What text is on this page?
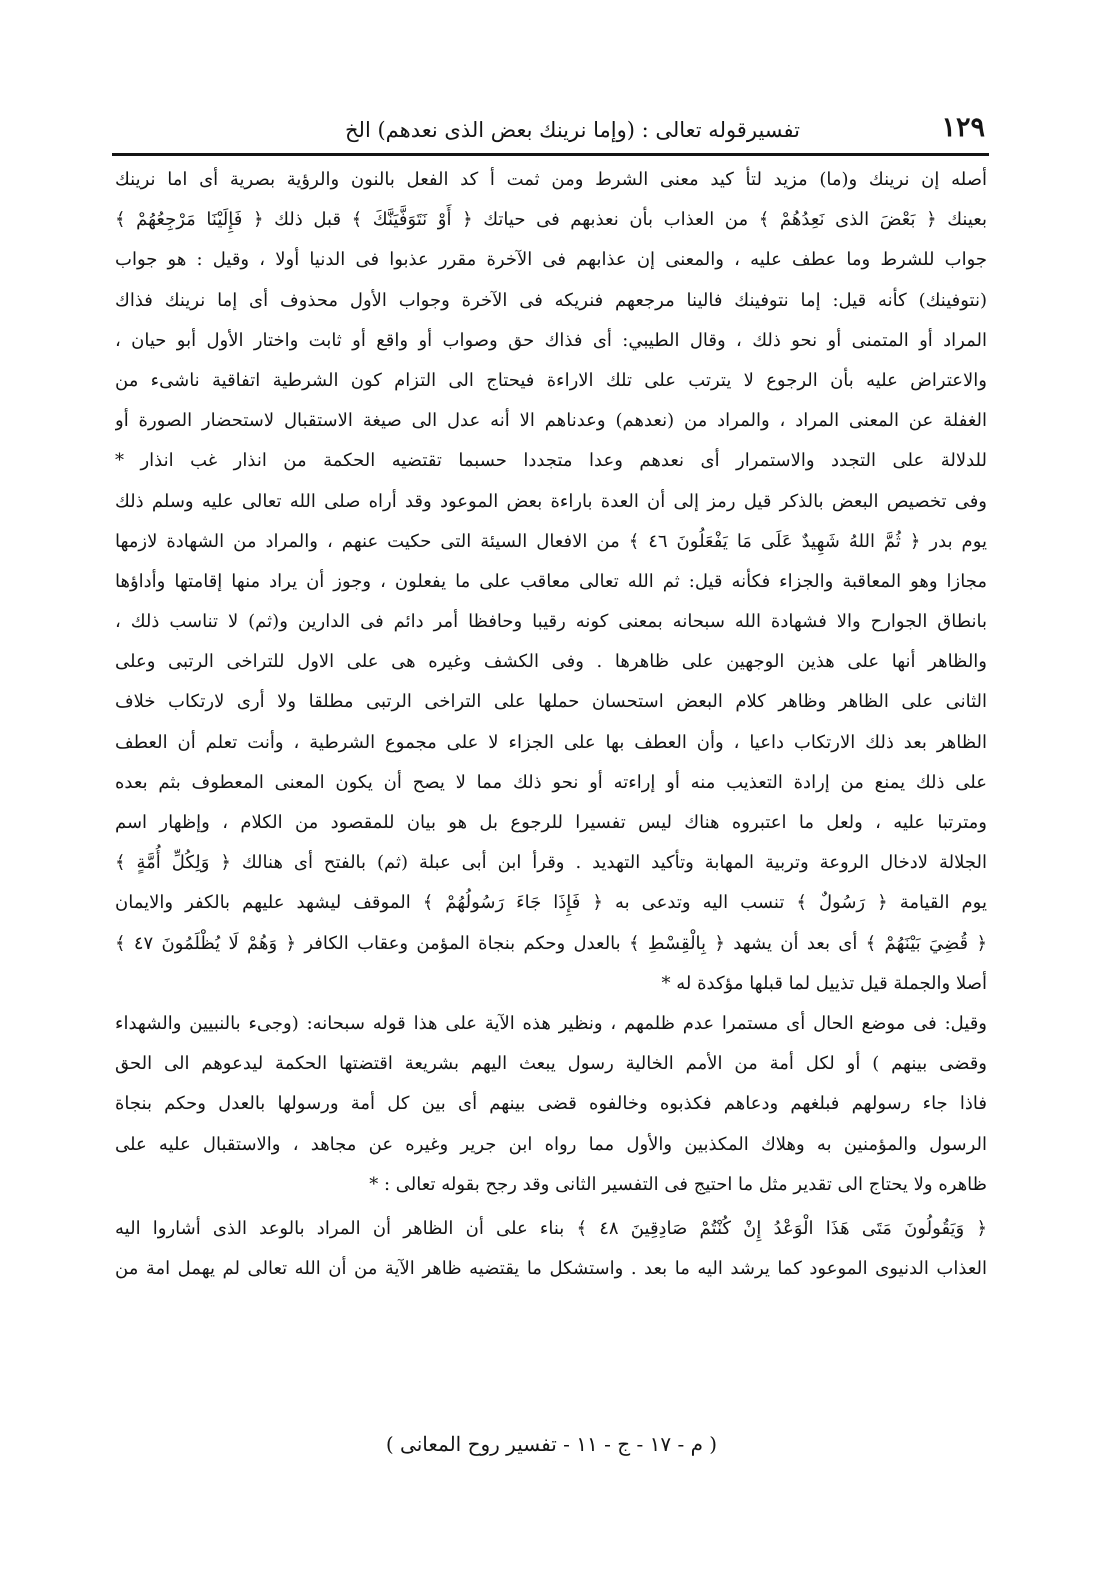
١٢٩
تفسيرقوله تعالى : (وإما نرينك بعض الذى نعدهم) الخ
أصله إن نرينك و(ما) مزيد لتأ كيد معنى الشرط ومن ثمت أ كد الفعل بالنون والرؤية بصرية أى اما نرينك
بعينك ﴿ بَعْضَ الذى نَعِدُهُمْ ﴾ من العذاب بأن نعذبهم فى حياتك ﴿ أَوْ نَتَوَفَّيَنَّكَ ﴾ قبل ذلك ﴿ فَإِلَيْنَا مَرْجِعُهُمْ ﴾
جواب للشرط وما عطف عليه ، والمعنى إن عذابهم فى الآخرة مقرر عذبوا فى الدنيا أولا ، وقيل : هو جواب
(نتوفينك) كأنه قيل: إما نتوفينك فالينا مرجعهم فنريكه فى الآخرة وجواب الأول محذوف أى إما نرينك فذاك
المراد أو المتمنى أو نحو ذلك ، وقال الطيبي: أى فذاك حق وصواب أو واقع أو ثابت واختار الأول أبو حيان ،
والاعتراض عليه بأن الرجوع لا يترتب على تلك الاراءة فيحتاج الى التزام كون الشرطية اتفاقية ناشىء من
الغفلة عن المعنى المراد ، والمراد من (نعدهم) وعدناهم الا أنه عدل الى صيغة الاستقبال لاستحضار الصورة أو
للدلالة على التجدد والاستمرار أى نعدهم وعدا متجددا حسبما تقتضيه الحكمة من انذار غب انذار *
وفى تخصيص البعض بالذكر قيل رمز إلى أن العدة باراءة بعض الموعود وقد أراه صلى الله تعالى عليه وسلم ذلك
يوم بدر ﴿ ثُمَّ اللهُ شَهِيدٌ عَلَى مَا يَفْعَلُونَ ٤٦ ﴾ من الافعال السيئة التى حكيت عنهم ، والمراد من الشهادة لازمها
مجازا وهو المعاقبة والجزاء فكأنه قيل: ثم الله تعالى معاقب على ما يفعلون ، وجوز أن يراد منها إقامتها وأداؤها
بانطاق الجوارح والا فشهادة الله سبحانه بمعنى كونه رقيبا وحافظا أمر دائم فى الدارين و(ثم) لا تناسب ذلك ،
والظاهر أنها على هذين الوجهين على ظاهرها . وفى الكشف وغيره هى على الاول للتراخى الرتبى وعلى
الثانى على الظاهر وظاهر كلام البعض استحسان حملها على التراخى الرتبى مطلقا ولا أرى لارتكاب خلاف
الظاهر بعد ذلك الارتكاب داعيا ، وأن العطف بها على الجزاء لا على مجموع الشرطية ، وأنت تعلم أن العطف
على ذلك يمنع من إرادة التعذيب منه أو إراءته أو نحو ذلك مما لا يصح أن يكون المعنى المعطوف بثم بعده
ومترتبا عليه ، ولعل ما اعتبروه هناك ليس تفسيرا للرجوع بل هو بيان للمقصود من الكلام ، وإظهار اسم
الجلالة لادخال الروعة وتربية المهابة وتأكيد التهديد . وقرأ ابن أبى عبلة (ثم) بالفتح أى هنالك ﴿ وَلِكُلِّ أُمَّةٍ ﴾
يوم القيامة ﴿ رَسُولٌ ﴾ تنسب اليه وتدعى به ﴿ فَإِذَا جَاءَ رَسُولُهُمْ ﴾ الموقف ليشهد عليهم بالكفر والايمان
﴿ قُضِيَ بَيْنَهُمْ ﴾ أى بعد أن يشهد ﴿ بِالْقِسْطِ ﴾ بالعدل وحكم بنجاة المؤمن وعقاب الكافر ﴿ وَهُمْ لَا يُظْلَمُونَ ٤٧ ﴾
أصلا والجملة قيل تذييل لما قبلها مؤكدة له *
وقيل: فى موضع الحال أى مستمرا عدم ظلمهم ، ونظير هذه الآية على هذا قوله سبحانه: (وجىء بالنبيين والشهداء
وقضى بينهم ) أو لكل أمة من الأمم الخالية رسول يبعث اليهم بشريعة اقتضتها الحكمة ليدعوهم الى الحق
فاذا جاء رسولهم فبلغهم ودعاهم فكذبوه وخالفوه قضى بينهم أى بين كل أمة ورسولها بالعدل وحكم بنجاة
الرسول والمؤمنين به وهلاك المكذبين والأول مما رواه ابن جرير وغيره عن مجاهد ، والاستقبال عليه على
ظاهره ولا يحتاج الى تقدير مثل ما احتيج فى التفسير الثانى وقد رجح بقوله تعالى : *
﴿ وَيَقُولُونَ مَتَى هَذَا الْوَعْدُ إِنْ كُنْتُمْ صَادِقِينَ ٤٨ ﴾ بناء على أن الظاهر أن المراد بالوعد الذى أشاروا اليه
العذاب الدنيوى الموعود كما يرشد اليه ما بعد . واستشكل ما يقتضيه ظاهر الآية من أن الله تعالى لم يهمل امة من
( م - ١٧ - ج - ١١ - تفسير روح المعانى )
